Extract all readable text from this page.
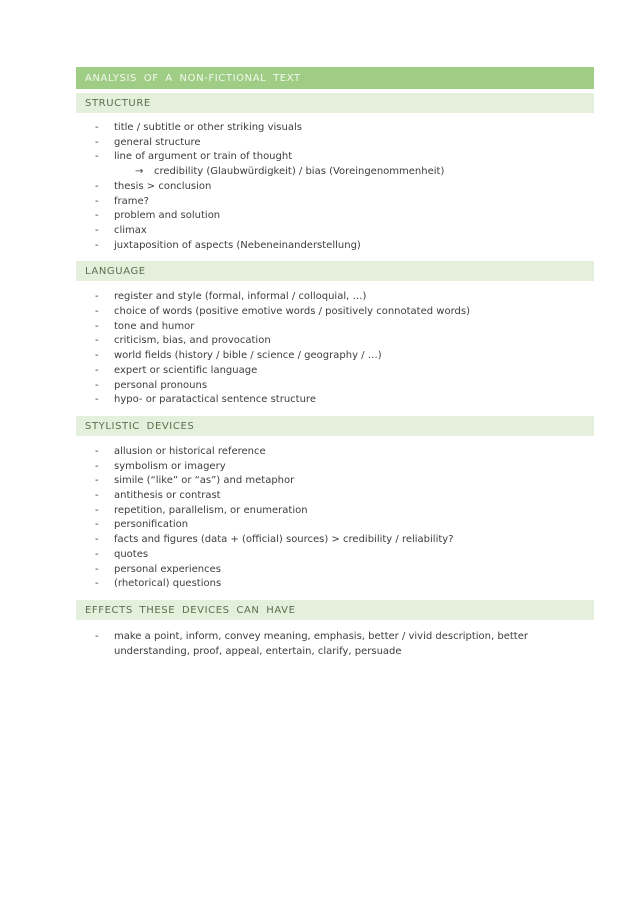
ANALYSIS OF A NON-FICTIONAL TEXT
STRUCTURE
- title / subtitle or other striking visuals
- general structure
- line of argument or train of thought
→ credibility (Glaubwürdigkeit) / bias (Voreingenommenheit)
- thesis > conclusion
- frame?
- problem and solution
- climax
- juxtaposition of aspects (Nebeneinanderstellung)
LANGUAGE
- register and style (formal, informal / colloquial, …)
- choice of words (positive emotive words / positively connotated words)
- tone and humor
- criticism, bias, and provocation
- world fields (history / bible / science / geography / …)
- expert or scientific language
- personal pronouns
- hypo- or paratactical sentence structure
STYLISTIC DEVICES
- allusion or historical reference
- symbolism or imagery
- simile (“like” or “as”) and metaphor
- antithesis or contrast
- repetition, parallelism, or enumeration
- personification
- facts and figures (data + (official) sources) > credibility / reliability?
- quotes
- personal experiences
- (rhetorical) questions
EFFECTS THESE DEVICES CAN HAVE
- make a point, inform, convey meaning, emphasis, better / vivid description, better understanding, proof, appeal, entertain, clarify, persuade
